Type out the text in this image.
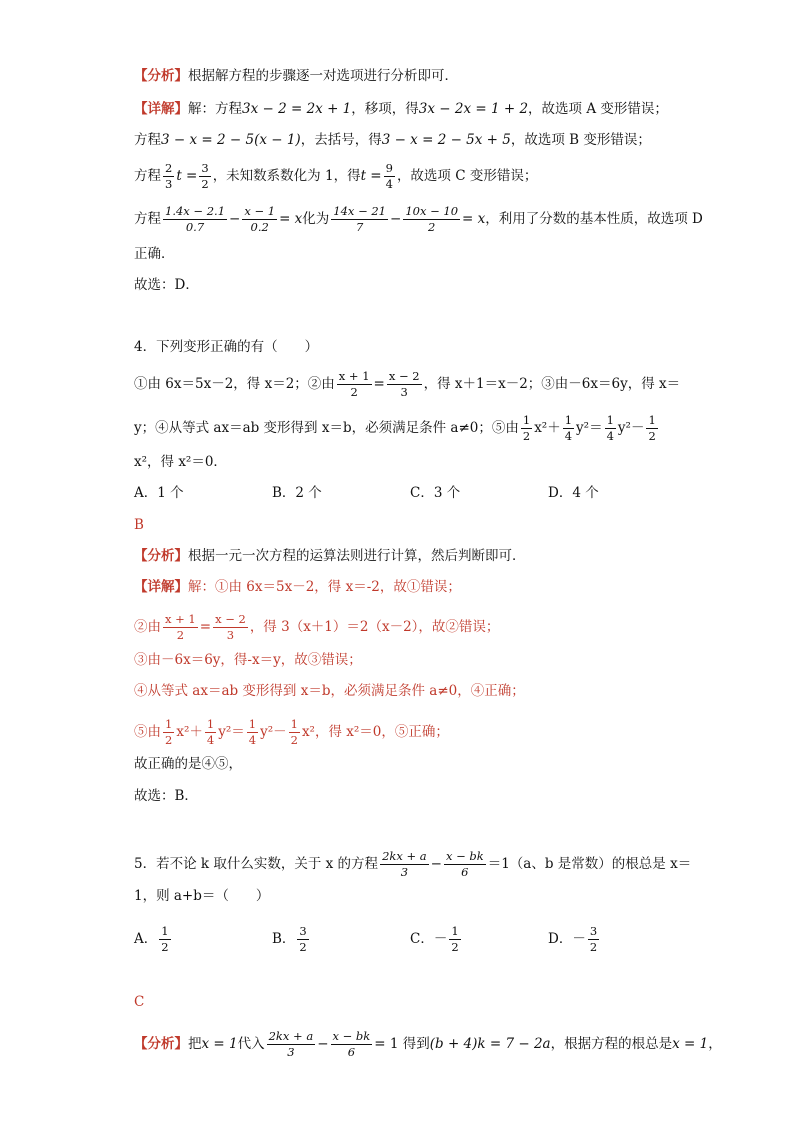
【分析】根据解方程的步骤逐一对选项进行分析即可．
【详解】解：方程3x − 2 = 2x + 1，移项，得3x − 2x = 1 + 2，故选项 A 变形错误；
方程3 − x = 2 − 5(x − 1)，去括号，得3 − x = 2 − 5x + 5，故选项 B 变形错误；
方程 $\frac{2}{3}$ $t = \frac{3}{2}$ ，未知数系数化为 1，得$t = \frac{9}{4}$ ，故选项 C 变形错误；
方程 $\frac{1.4x - 2.1}{0.7} - \frac{x - 1}{0.2} = x$化为 $\frac{14x - 21}{7} - \frac{10x - 10}{2} = x$，利用了分数的基本性质，故选项 D
正确．
故选：D．
4．下列变形正确的有（　　）
①由 6x＝5x－2，得 x＝2；②由 $\frac{x + 1}{2} = \frac{x - 2}{3}$ ，得 x＋1＝x－2；③由－6x＝6y，得 x＝
y；④从等式 ax＝ab 变形得到 x＝b，必须满足条件 a≠0；⑤由 $\frac{1}{2} x^2+ \frac{1}{4} y^2= \frac{1}{4} y^2- \frac{1}{2}$
x²，得 x²＝0．
A．1 个	B．2 个	C．3 个	D．4 个
B
【分析】根据一元一次方程的运算法则进行计算，然后判断即可．
【详解】解：①由 6x＝5x－2，得 x＝-2，故①错误；
②由 $\frac{x + 1}{2} = \frac{x - 2}{3}$ ，得 3（x＋1）＝2（x－2），故②错误；
③由－6x＝6y，得-x＝y，故③错误；
④从等式 ax＝ab 变形得到 x＝b，必须满足条件 a≠0，④正确；
⑤由 $\frac{1}{2} x^2+ \frac{1}{4} y^2= \frac{1}{4} y^2- \frac{1}{2} x^2$，得 x²＝0，⑤正确；
故正确的是④⑤，
故选：B．
5．若不论 k 取什么实数，关于 x 的方程 $\frac{2kx + a}{3} - \frac{x - bk}{6} =1(a$、b 是常数）的根总是 x＝
1，则 a+b＝（　　）
A． $\frac{1}{2}$	B． $\frac{3}{2}$	C．－ $\frac{1}{2}$	D．－ $\frac{3}{2}$
C
【分析】把x = 1代入 $\frac{2kx + a}{3} - \frac{x - bk}{6} = 1$ 得到(b + 4)k = 7 − 2a，根据方程的根总是x = 1，
